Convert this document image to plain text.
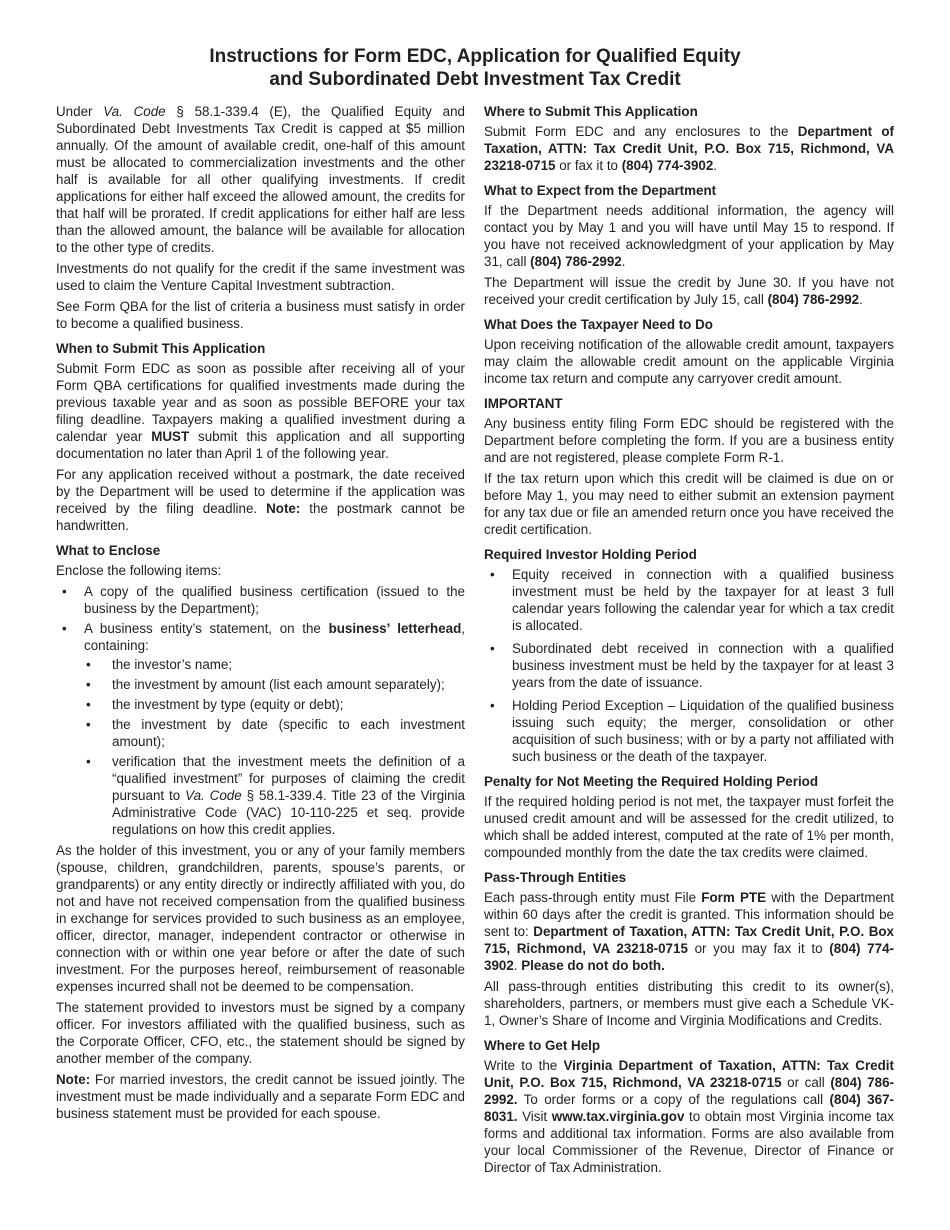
Instructions for Form EDC, Application for Qualified Equity
and Subordinated Debt Investment Tax Credit

Under Va. Code § 58.1-339.4 (E), the Qualified Equity and Subordinated Debt Investments Tax Credit is capped at $5 million annually. Of the amount of available credit, one-half of this amount must be allocated to commercialization investments and the other half is available for all other qualifying investments. If credit applications for either half exceed the allowed amount, the credits for that half will be prorated. If credit applications for either half are less than the allowed amount, the balance will be available for allocation to the other type of credits.

Investments do not qualify for the credit if the same investment was used to claim the Venture Capital Investment subtraction.

See Form QBA for the list of criteria a business must satisfy in order to become a qualified business.

When to Submit This Application

Submit Form EDC as soon as possible after receiving all of your Form QBA certifications for qualified investments made during the previous taxable year and as soon as possible BEFORE your tax filing deadline. Taxpayers making a qualified investment during a calendar year MUST submit this application and all supporting documentation no later than April 1 of the following year.

For any application received without a postmark, the date received by the Department will be used to determine if the application was received by the filing deadline. Note: the postmark cannot be handwritten.

What to Enclose

Enclose the following items:

• A copy of the qualified business certification (issued to the business by the Department);
• A business entity’s statement, on the business’ letterhead, containing:
• the investor’s name;
• the investment by amount (list each amount separately);
• the investment by type (equity or debt);
• the investment by date (specific to each investment amount);
• verification that the investment meets the definition of a “qualified investment” for purposes of claiming the credit pursuant to Va. Code § 58.1-339.4. Title 23 of the Virginia Administrative Code (VAC) 10-110-225 et seq. provide regulations on how this credit applies.

As the holder of this investment, you or any of your family members (spouse, children, grandchildren, parents, spouse’s parents, or grandparents) or any entity directly or indirectly affiliated with you, do not and have not received compensation from the qualified business in exchange for services provided to such business as an employee, officer, director, manager, independent contractor or otherwise in connection with or within one year before or after the date of such investment. For the purposes hereof, reimbursement of reasonable expenses incurred shall not be deemed to be compensation.

The statement provided to investors must be signed by a company officer. For investors affiliated with the qualified business, such as the Corporate Officer, CFO, etc., the statement should be signed by another member of the company.

Note: For married investors, the credit cannot be issued jointly. The investment must be made individually and a separate Form EDC and business statement must be provided for each spouse.

Where to Submit This Application

Submit Form EDC and any enclosures to the Department of Taxation, ATTN: Tax Credit Unit, P.O. Box 715, Richmond, VA 23218-0715 or fax it to (804) 774-3902.

What to Expect from the Department

If the Department needs additional information, the agency will contact you by May 1 and you will have until May 15 to respond. If you have not received acknowledgment of your application by May 31, call (804) 786-2992.

The Department will issue the credit by June 30. If you have not received your credit certification by July 15, call (804) 786-2992.

What Does the Taxpayer Need to Do

Upon receiving notification of the allowable credit amount, taxpayers may claim the allowable credit amount on the applicable Virginia income tax return and compute any carryover credit amount.

IMPORTANT

Any business entity filing Form EDC should be registered with the Department before completing the form. If you are a business entity and are not registered, please complete Form R-1.

If the tax return upon which this credit will be claimed is due on or before May 1, you may need to either submit an extension payment for any tax due or file an amended return once you have received the credit certification.

Required Investor Holding Period
• Equity received in connection with a qualified business investment must be held by the taxpayer for at least 3 full calendar years following the calendar year for which a tax credit is allocated.
• Subordinated debt received in connection with a qualified business investment must be held by the taxpayer for at least 3 years from the date of issuance.
• Holding Period Exception – Liquidation of the qualified business issuing such equity; the merger, consolidation or other acquisition of such business; with or by a party not affiliated with such business or the death of the taxpayer.
Penalty for Not Meeting the Required Holding Period

If the required holding period is not met, the taxpayer must forfeit the unused credit amount and will be assessed for the credit utilized, to which shall be added interest, computed at the rate of 1% per month, compounded monthly from the date the tax credits were claimed.

Pass-Through Entities

Each pass-through entity must File Form PTE with the Department within 60 days after the credit is granted. This information should be sent to: Department of Taxation, ATTN: Tax Credit Unit, P.O. Box 715, Richmond, VA 23218-0715 or you may fax it to (804) 774-3902. Please do not do both.

All pass-through entities distributing this credit to its owner(s), shareholders, partners, or members must give each a Schedule VK-1, Owner’s Share of Income and Virginia Modifications and Credits.

Where to Get Help

Write to the Virginia Department of Taxation, ATTN: Tax Credit Unit, P.O. Box 715, Richmond, VA 23218-0715 or call (804) 786-2992. To order forms or a copy of the regulations call (804) 367-8031. Visit www.tax.virginia.gov to obtain most Virginia income tax forms and additional tax information. Forms are also available from your local Commissioner of the Revenue, Director of Finance or Director of Tax Administration.
